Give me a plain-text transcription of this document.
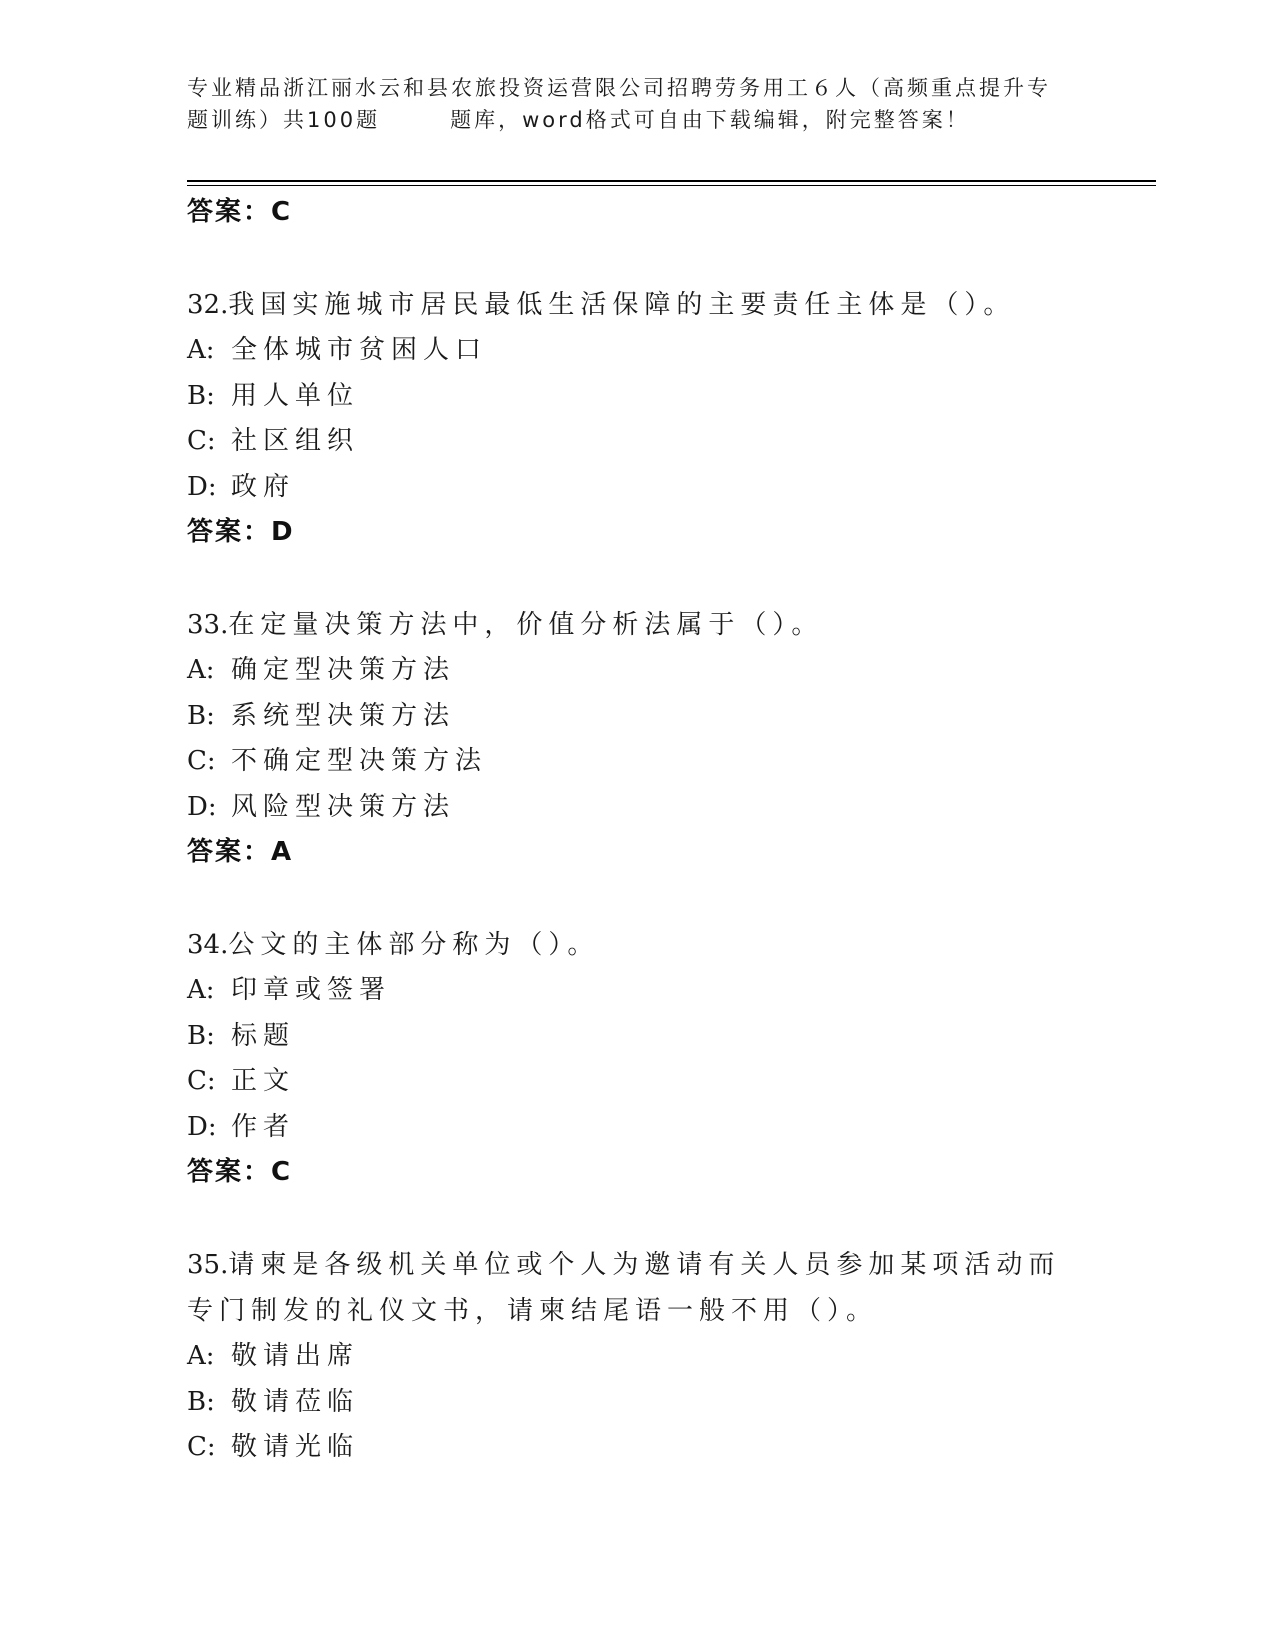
专业精品浙江丽水云和县农旅投资运营限公司招聘劳务用工６人（高频重点提升专
题训练）共100题	题库，word格式可自由下载编辑，附完整答案！
答案：C
32.我国实施城市居民最低生活保障的主要责任主体是（）。
A: 全体城市贫困人口
B: 用人单位
C: 社区组织
D: 政府
答案：D
33.在定量决策方法中，价值分析法属于（）。
A: 确定型决策方法
B: 系统型决策方法
C: 不确定型决策方法
D: 风险型决策方法
答案：A
34.公文的主体部分称为（）。
A: 印章或签署
B: 标题
C: 正文
D: 作者
答案：C
35.请柬是各级机关单位或个人为邀请有关人员参加某项活动而专门制发的礼仪文书，请柬结尾语一般不用（）。
A: 敬请出席
B: 敬请莅临
C: 敬请光临
